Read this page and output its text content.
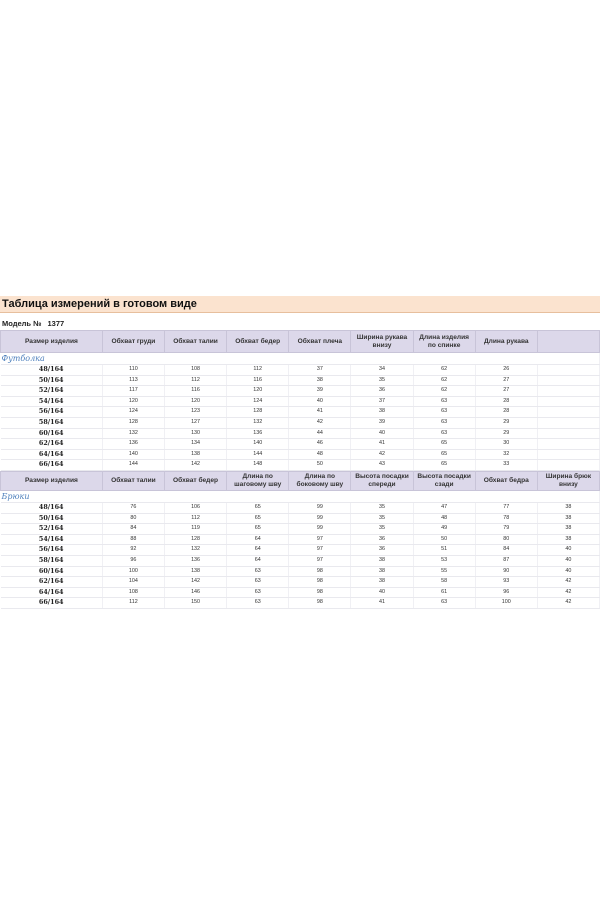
Таблица измерений в готовом виде
Модель № 1377
Размер изделия	Обхват груди	Обхват талии	Обхват бедер	Обхват плеча	Ширина рукава внизу	Длина изделия по спинке	Длина рукава	
Футболка								
48/164	110	108	112	37	34	62	26	
50/164	113	112	116	38	35	62	27	
52/164	117	116	120	39	36	62	27	
54/164	120	120	124	40	37	63	28	
56/164	124	123	128	41	38	63	28	
58/164	128	127	132	42	39	63	29	
60/164	132	130	136	44	40	63	29	
62/164	136	134	140	46	41	65	30	
64/164	140	138	144	48	42	65	32	
66/164	144	142	148	50	43	65	33	
Размер изделия	Обхват талии	Обхват бедер	Длина по шаговому шву	Длина по боковому шву	Высота посадки спереди	Высота посадки сзади	Обхват бедра	Ширина брюк внизу
Брюки								
48/164	76	106	65	99	35	47	77	38
50/164	80	112	65	99	35	48	78	38
52/164	84	119	65	99	35	49	79	38
54/164	88	128	64	97	36	50	80	38
56/164	92	132	64	97	36	51	84	40
58/164	96	136	64	97	38	53	87	40
60/164	100	138	63	98	38	55	90	40
62/164	104	142	63	98	38	58	93	42
64/164	108	146	63	98	40	61	96	42
66/164	112	150	63	98	41	63	100	42
